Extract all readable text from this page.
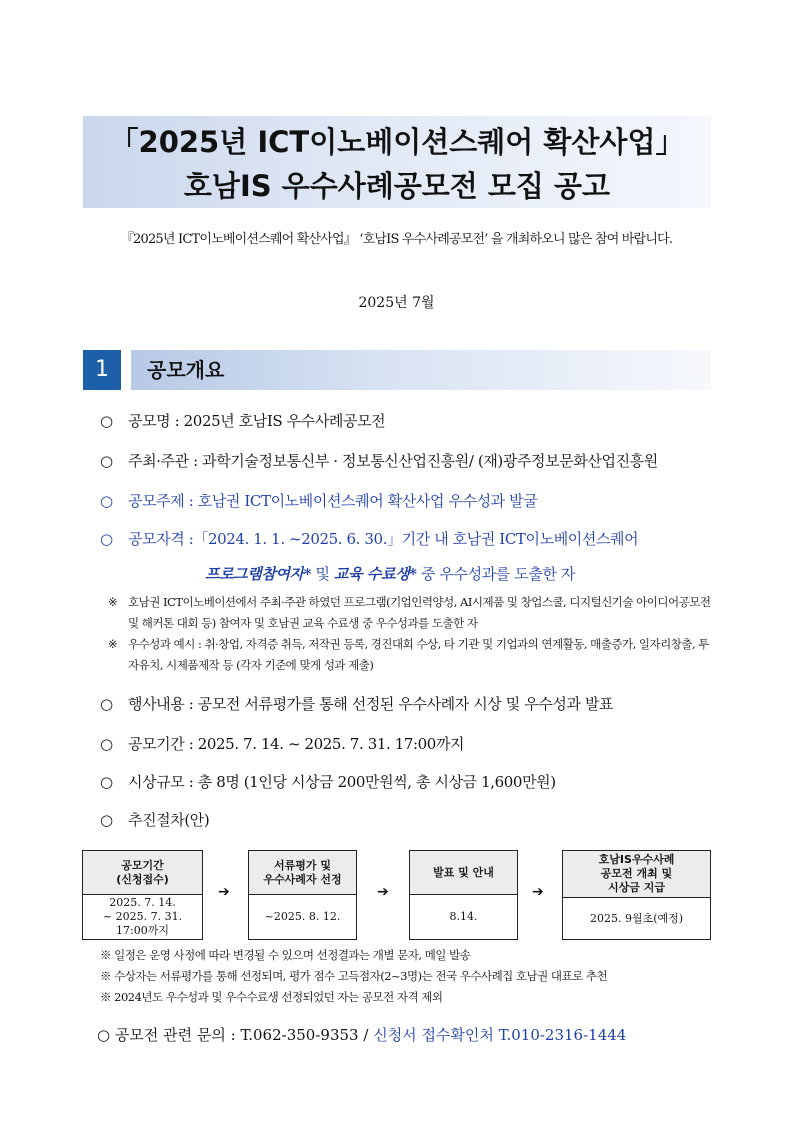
「2025년 ICT이노베이션스퀘어 확산사업」
호남IS 우수사례공모전 모집 공고
『2025년 ICT이노베이션스퀘어 확산사업』 ‘호남IS 우수사례공모전’ 을 개최하오니 많은 참여 바랍니다.
2025년 7월
1	공모개요
○ 공모명 : 2025년 호남IS 우수사례공모전
○ 주최·주관 : 과학기술정보통신부 · 정보통신산업진흥원/ (재)광주정보문화산업진흥원
○ 공모주제 : 호남권 ICT이노베이션스퀘어 확산사업 우수성과 발굴
○ 공모자격 :「2024. 1. 1. ~2025. 6. 30.」기간 내 호남권 ICT이노베이션스퀘어
프로그램참여자* 및 교육 수료생* 중 우수성과를 도출한 자
※ 호남권 ICT이노베이션에서 주최·주관 하였던 프로그램(기업인력양성, AI시제품 및 창업스쿨, 디지털신기술 아이디어공모전 및 해커톤 대회 등) 참여자 및 호남권 교육 수료생 중 우수성과를 도출한 자
※ 우수성과 예시 : 취·창업, 자격증 취득, 저작권 등록, 경진대회 수상, 타 기관 및 기업과의 연계활동, 매출증가, 일자리창출, 투자유치, 시제품제작 등 (각자 기준에 맞게 성과 제출)
○ 행사내용 : 공모전 서류평가를 통해 선정된 우수사례자 시상 및 우수성과 발표
○ 공모기간 : 2025. 7. 14. ~ 2025. 7. 31. 17:00까지
○ 시상규모 : 총 8명 (1인당 시상금 200만원씩, 총 시상금 1,600만원)
○ 추진절차(안)
공모기간
(신청접수)
2025. 7. 14.
~ 2025. 7. 31.
17:00까지
➔
서류평가 및
우수사례자 선정
~2025. 8. 12.
➔
발표 및 안내
8.14.
➔
호남IS우수사례
공모전 개최 및
시상금 지급
2025. 9월초(예정)
※ 일정은 운영 사정에 따라 변경될 수 있으며 선정결과는 개별 문자, 메일 발송
※ 수상자는 서류평가를 통해 선정되며, 평가 점수 고득점자(2~3명)는 전국 우수사례집 호남권 대표로 추천
※ 2024년도 우수성과 및 우수수료생 선정되었던 자는 공모전 자격 제외
○ 공모전 관련 문의 : T.062-350-9353 / 신청서 접수확인처 T.010-2316-1444
